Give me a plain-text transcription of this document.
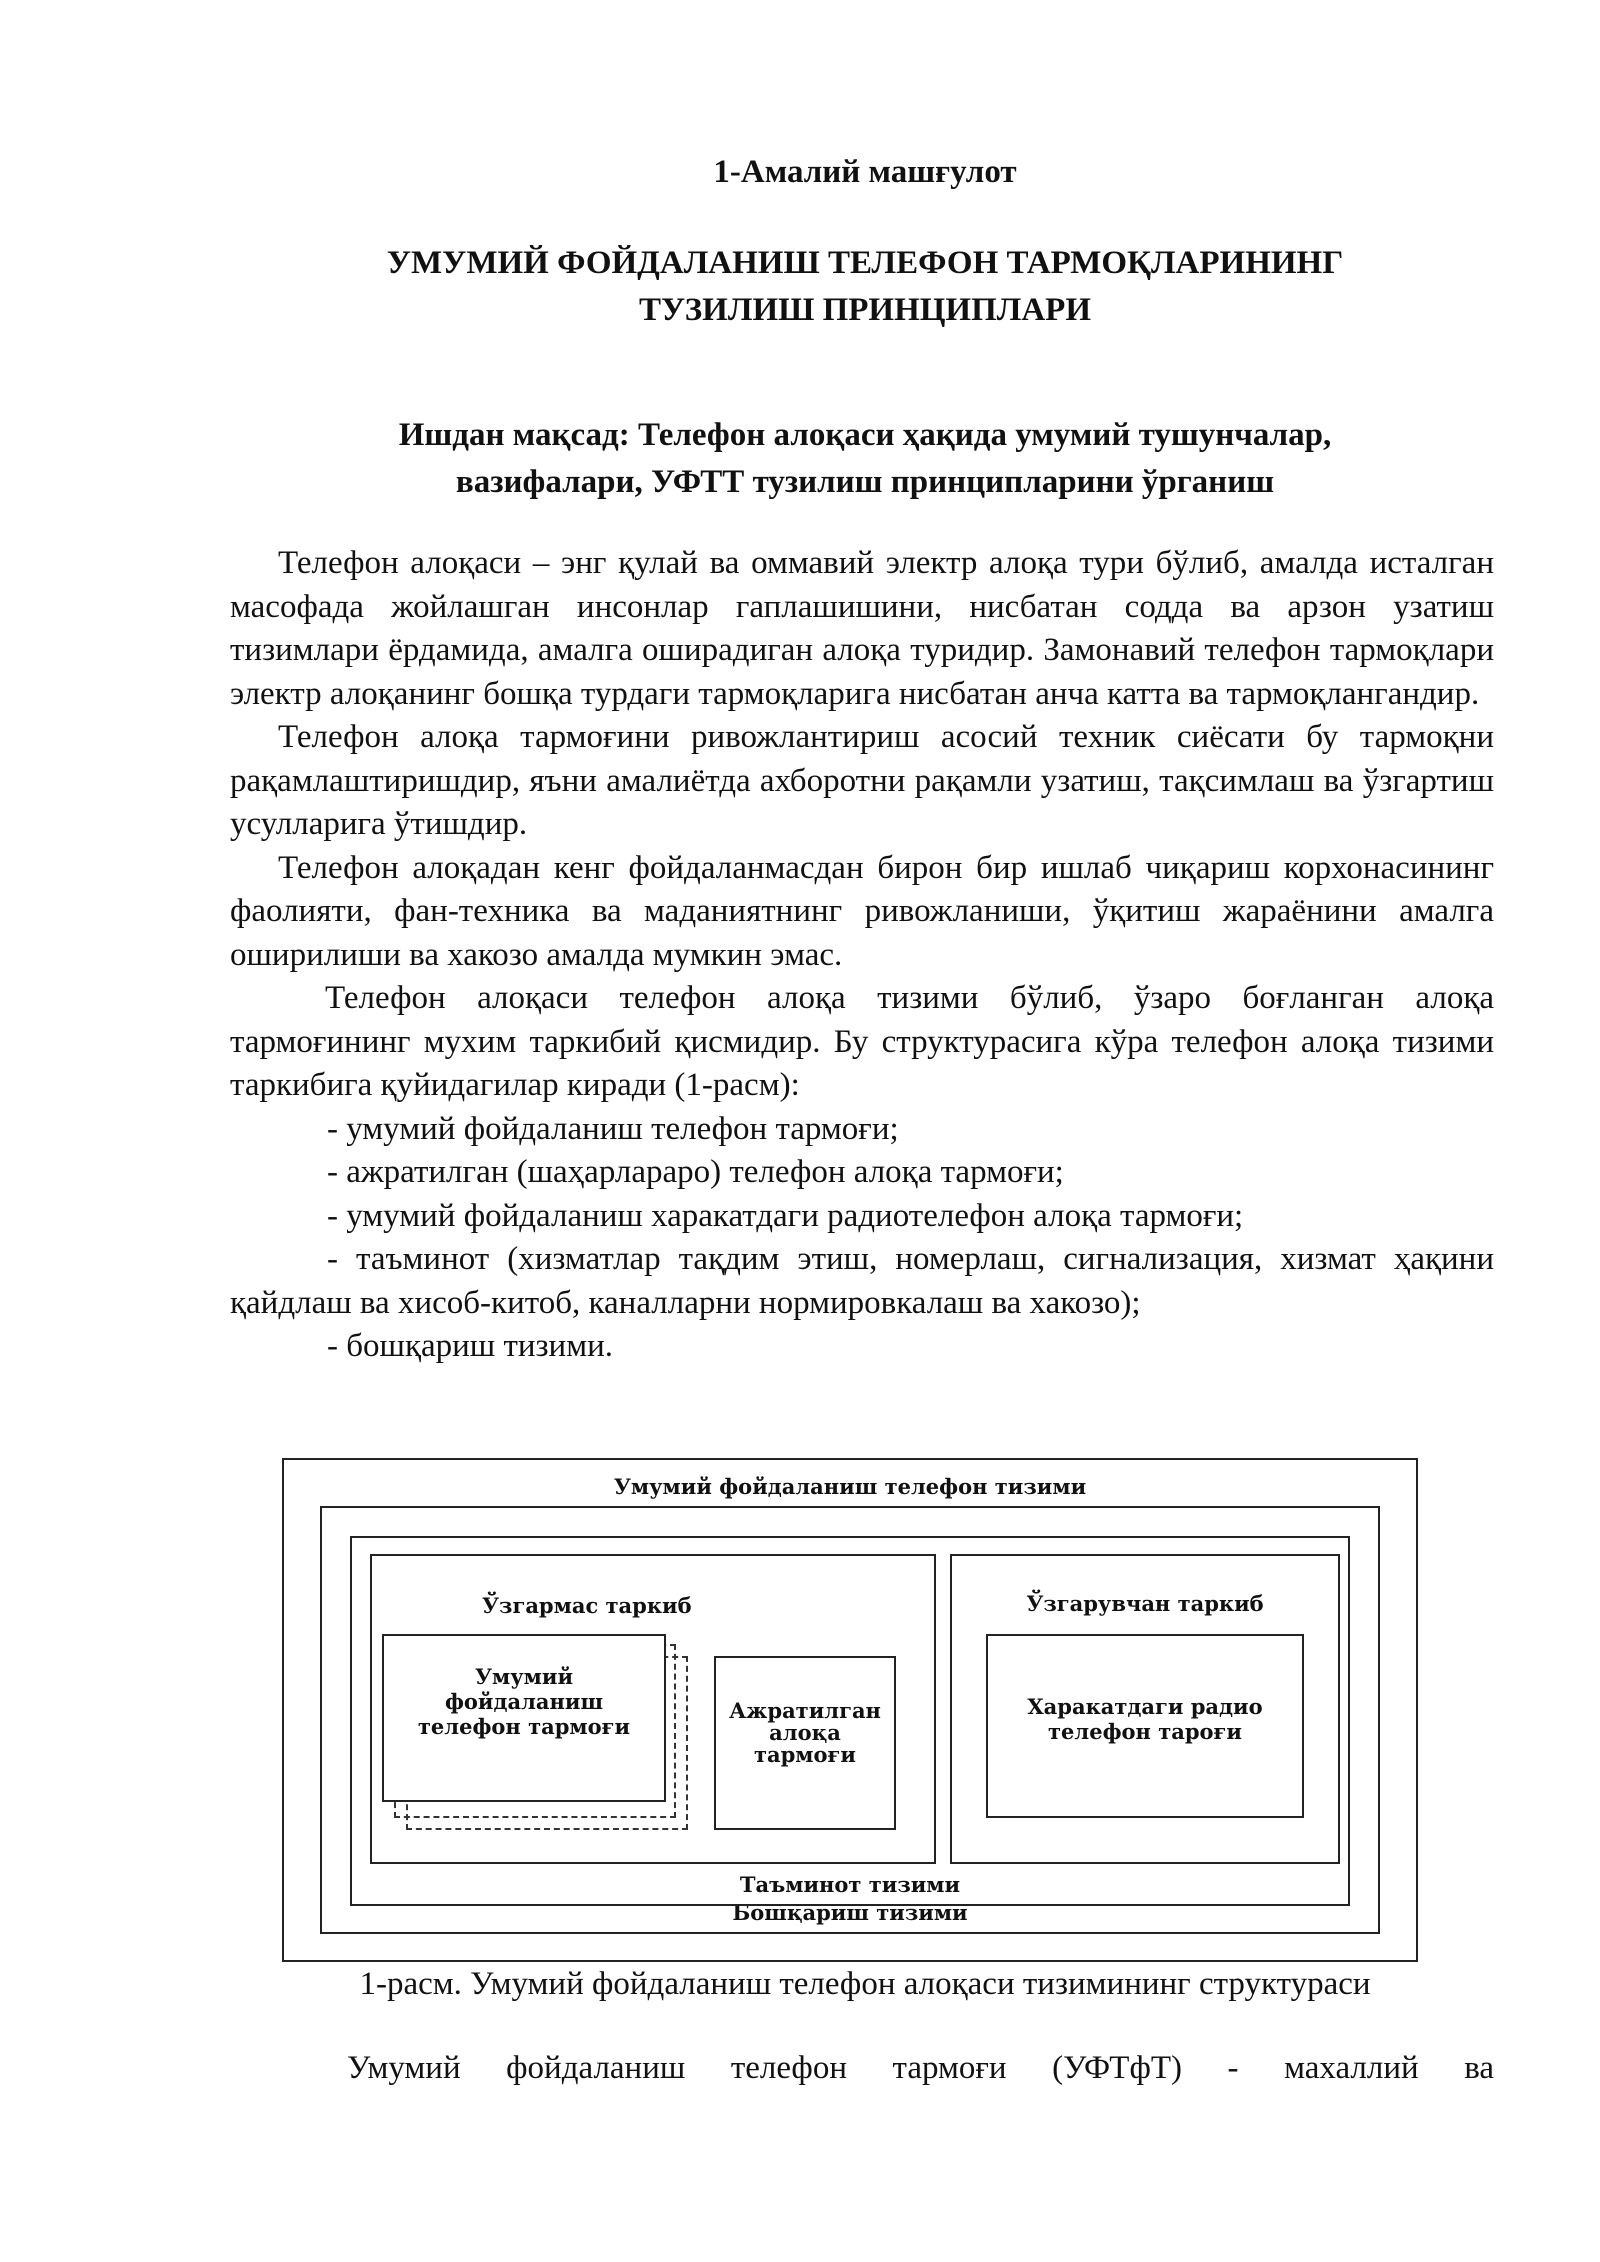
1-Амалий машғулот
УМУМИЙ ФОЙДАЛАНИШ ТЕЛЕФОН ТАРМОҚЛАРИНИНГ
ТУЗИЛИШ ПРИНЦИПЛАРИ
Ишдан мақсад: Телефон алоқаси ҳақида умумий тушунчалар,
вазифалари, УФТТ тузилиш принципларини ўрганиш

Телефон алоқаси – энг қулай ва оммавий электр алоқа тури бўлиб, амалда исталган масофада жойлашган инсонлар гаплашишини, нисбатан содда ва арзон узатиш тизимлари ёрдамида, амалга оширадиган алоқа туридир. Замонавий телефон тармоқлари электр алоқанинг бошқа турдаги тармоқларига нисбатан анча катта ва тармоқлангандир.

Телефон алоқа тармоғини ривожлантириш асосий техник сиёсати бу тармоқни рақамлаштиришдир, яъни амалиётда ахборотни рақамли узатиш, тақсимлаш ва ўзгартиш усулларига ўтишдир.

Телефон алоқадан кенг фойдаланмасдан бирон бир ишлаб чиқариш корхонасининг фаолияти, фан-техника ва маданиятнинг ривожланиши, ўқитиш жараёнини амалга оширилиши ва хакозо амалда мумкин эмас.

Телефон алоқаси телефон алоқа тизими бўлиб, ўзаро боғланган алоқа тармоғининг мухим таркибий қисмидир. Бу структурасига кўра телефон алоқа тизими таркибига қуйидагилар киради (1-расм):

- умумий фойдаланиш телефон тармоғи;

- ажратилган (шаҳарлараро) телефон алоқа тармоғи;

- умумий фойдаланиш харакатдаги радиотелефон алоқа тармоғи;

- таъминот (хизматлар тақдим этиш, номерлаш, сигнализация, хизмат ҳақини қайдлаш ва хисоб-китоб, каналларни нормировкалаш ва хакозо);

- бошқариш тизими.

Умумий фойдаланиш телефон тизими
Бошқариш тизими
Таъминот тизими
Ўзгармас таркиб
Умумий
фойдаланиш
телефон тармоғи
Ажратилган
алоқа
тармоғи
Ўзгарувчан таркиб
Харакатдаги радио
телефон тароғи
1-расм. Умумий фойдаланиш телефон алоқаси тизимининг структураси
Умумий фойдаланиш телефон тармоғи (УФТфТ) - махаллий ва
